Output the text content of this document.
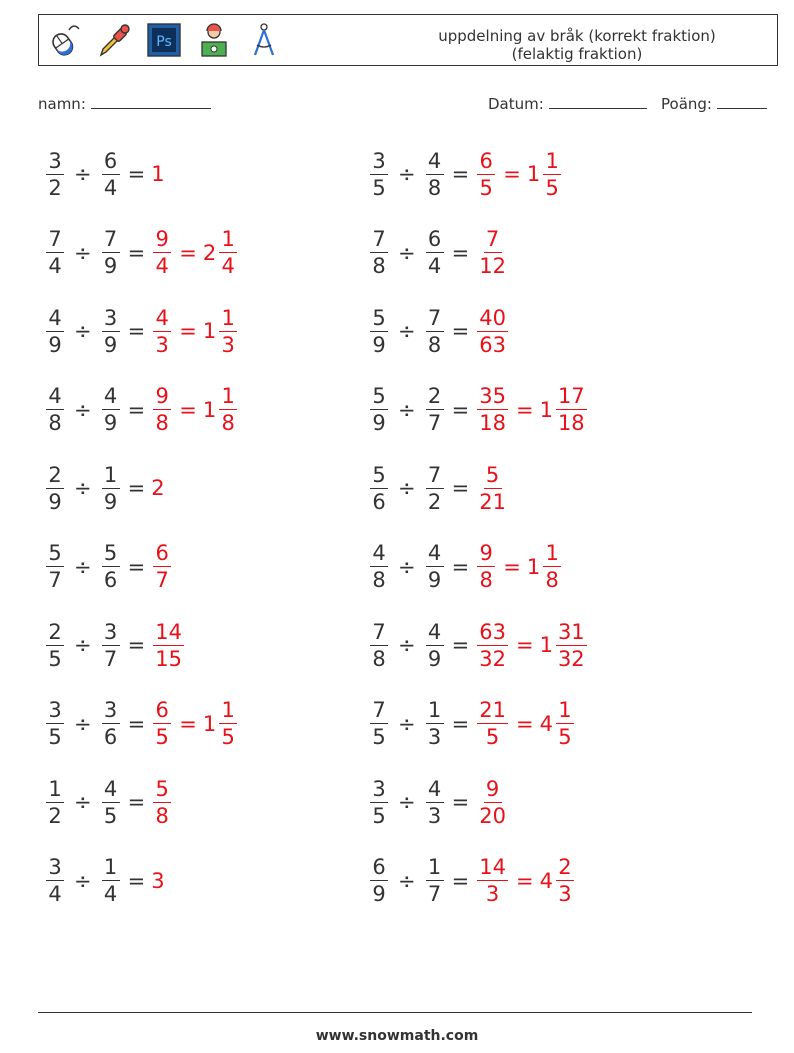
Ps	uppdelning av bråk (korrekt fraktion)
(felaktig fraktion)
namn:	Datum:	Poäng:
$\frac{3}{2} \div \frac{6}{4} = 1$
$\frac{7}{4} \div \frac{7}{9} = \frac{9}{4} = 2 \frac{1}{4}$
$\frac{4}{9} \div \frac{3}{9} = \frac{4}{3} = 1 \frac{1}{3}$
$\frac{4}{8} \div \frac{4}{9} = \frac{9}{8} = 1 \frac{1}{8}$
$\frac{2}{9} \div \frac{1}{9} = 2$
$\frac{5}{7} \div \frac{5}{6} = \frac{6}{7}$
$\frac{2}{5} \div \frac{3}{7} = \frac{14}{15}$
$\frac{3}{5} \div \frac{3}{6} = \frac{6}{5} = 1 \frac{1}{5}$
$\frac{1}{2} \div \frac{4}{5} = \frac{5}{8}$
$\frac{3}{4} \div \frac{1}{4} = 3$
$\frac{3}{5} \div \frac{4}{8} = \frac{6}{5} = 1 \frac{1}{5}$
$\frac{7}{8} \div \frac{6}{4} = \frac{7}{12}$
$\frac{5}{9} \div \frac{7}{8} = \frac{40}{63}$
$\frac{5}{9} \div \frac{2}{7} = \frac{35}{18} = 1 \frac{17}{18}$
$\frac{5}{6} \div \frac{7}{2} = \frac{5}{21}$
$\frac{4}{8} \div \frac{4}{9} = \frac{9}{8} = 1 \frac{1}{8}$
$\frac{7}{8} \div \frac{4}{9} = \frac{63}{32} = 1 \frac{31}{32}$
$\frac{7}{5} \div \frac{1}{3} = \frac{21}{5} = 4 \frac{1}{5}$
$\frac{3}{5} \div \frac{4}{3} = \frac{9}{20}$
$\frac{6}{9} \div \frac{1}{7} = \frac{14}{3} = 4 \frac{2}{3}$
www.snowmath.com
